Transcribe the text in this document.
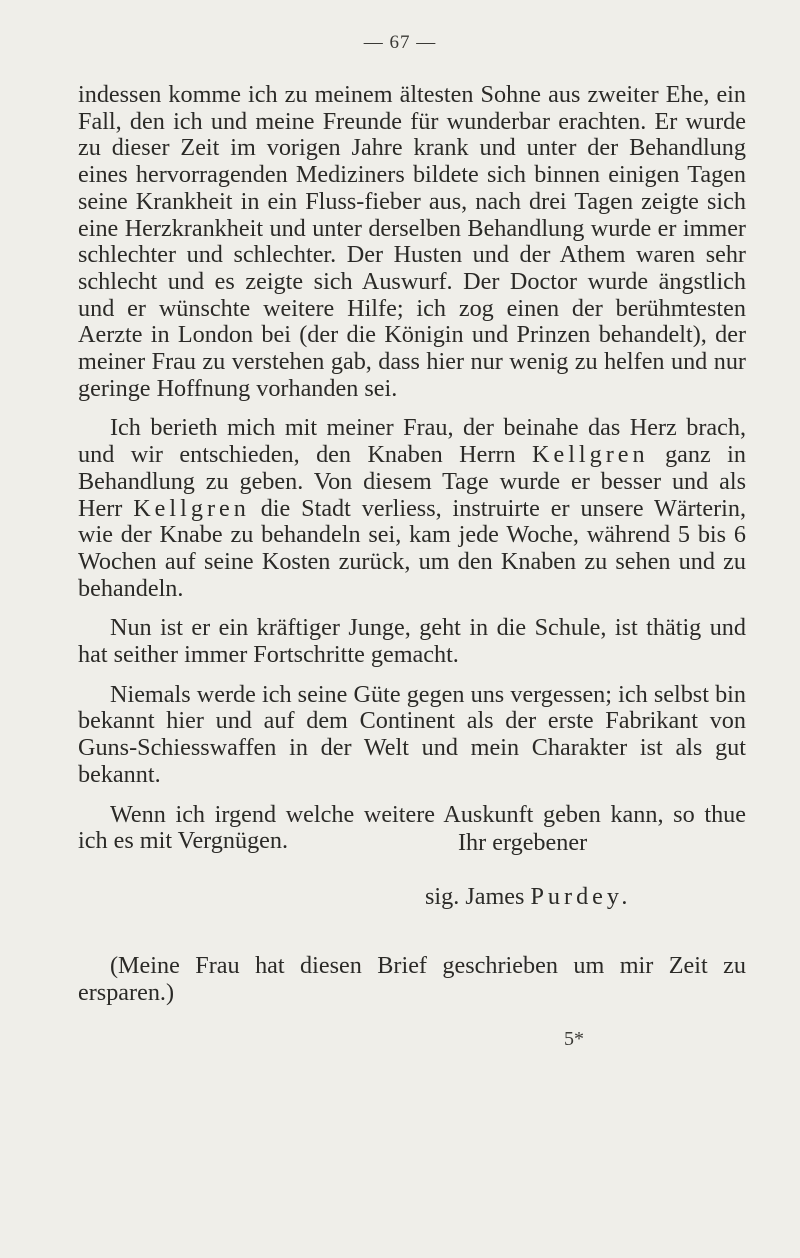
— 67 —

indessen komme ich zu meinem ältesten Sohne aus zweiter Ehe, ein Fall, den ich und meine Freunde für wunderbar erachten. Er wurde zu dieser Zeit im vorigen Jahre krank und unter der Behandlung eines hervorragenden Mediziners bildete sich binnen einigen Tagen seine Krankheit in ein Fluss-fieber aus, nach drei Tagen zeigte sich eine Herzkrankheit und unter derselben Behandlung wurde er immer schlechter und schlechter. Der Husten und der Athem waren sehr schlecht und es zeigte sich Auswurf. Der Doctor wurde ängstlich und er wünschte weitere Hilfe; ich zog einen der berühmtesten Aerzte in London bei (der die Königin und Prinzen behandelt), der meiner Frau zu verstehen gab, dass hier nur wenig zu helfen und nur geringe Hoffnung vorhanden sei.

Ich berieth mich mit meiner Frau, der beinahe das Herz brach, und wir entschieden, den Knaben Herrn Kellgren ganz in Behandlung zu geben. Von diesem Tage wurde er besser und als Herr Kellgren die Stadt verliess, instruirte er unsere Wärterin, wie der Knabe zu behandeln sei, kam jede Woche, während 5 bis 6 Wochen auf seine Kosten zurück, um den Knaben zu sehen und zu behandeln.

Nun ist er ein kräftiger Junge, geht in die Schule, ist thätig und hat seither immer Fortschritte gemacht.

Niemals werde ich seine Güte gegen uns vergessen; ich selbst bin bekannt hier und auf dem Continent als der erste Fabrikant von Guns-Schiesswaffen in der Welt und mein Charakter ist als gut bekannt.

Wenn ich irgend welche weitere Auskunft geben kann, so thue ich es mit Vergnügen.	Ihr ergebener
sig. James Purdey.

(Meine Frau hat diesen Brief geschrieben um mir Zeit zu ersparen.)

5*
